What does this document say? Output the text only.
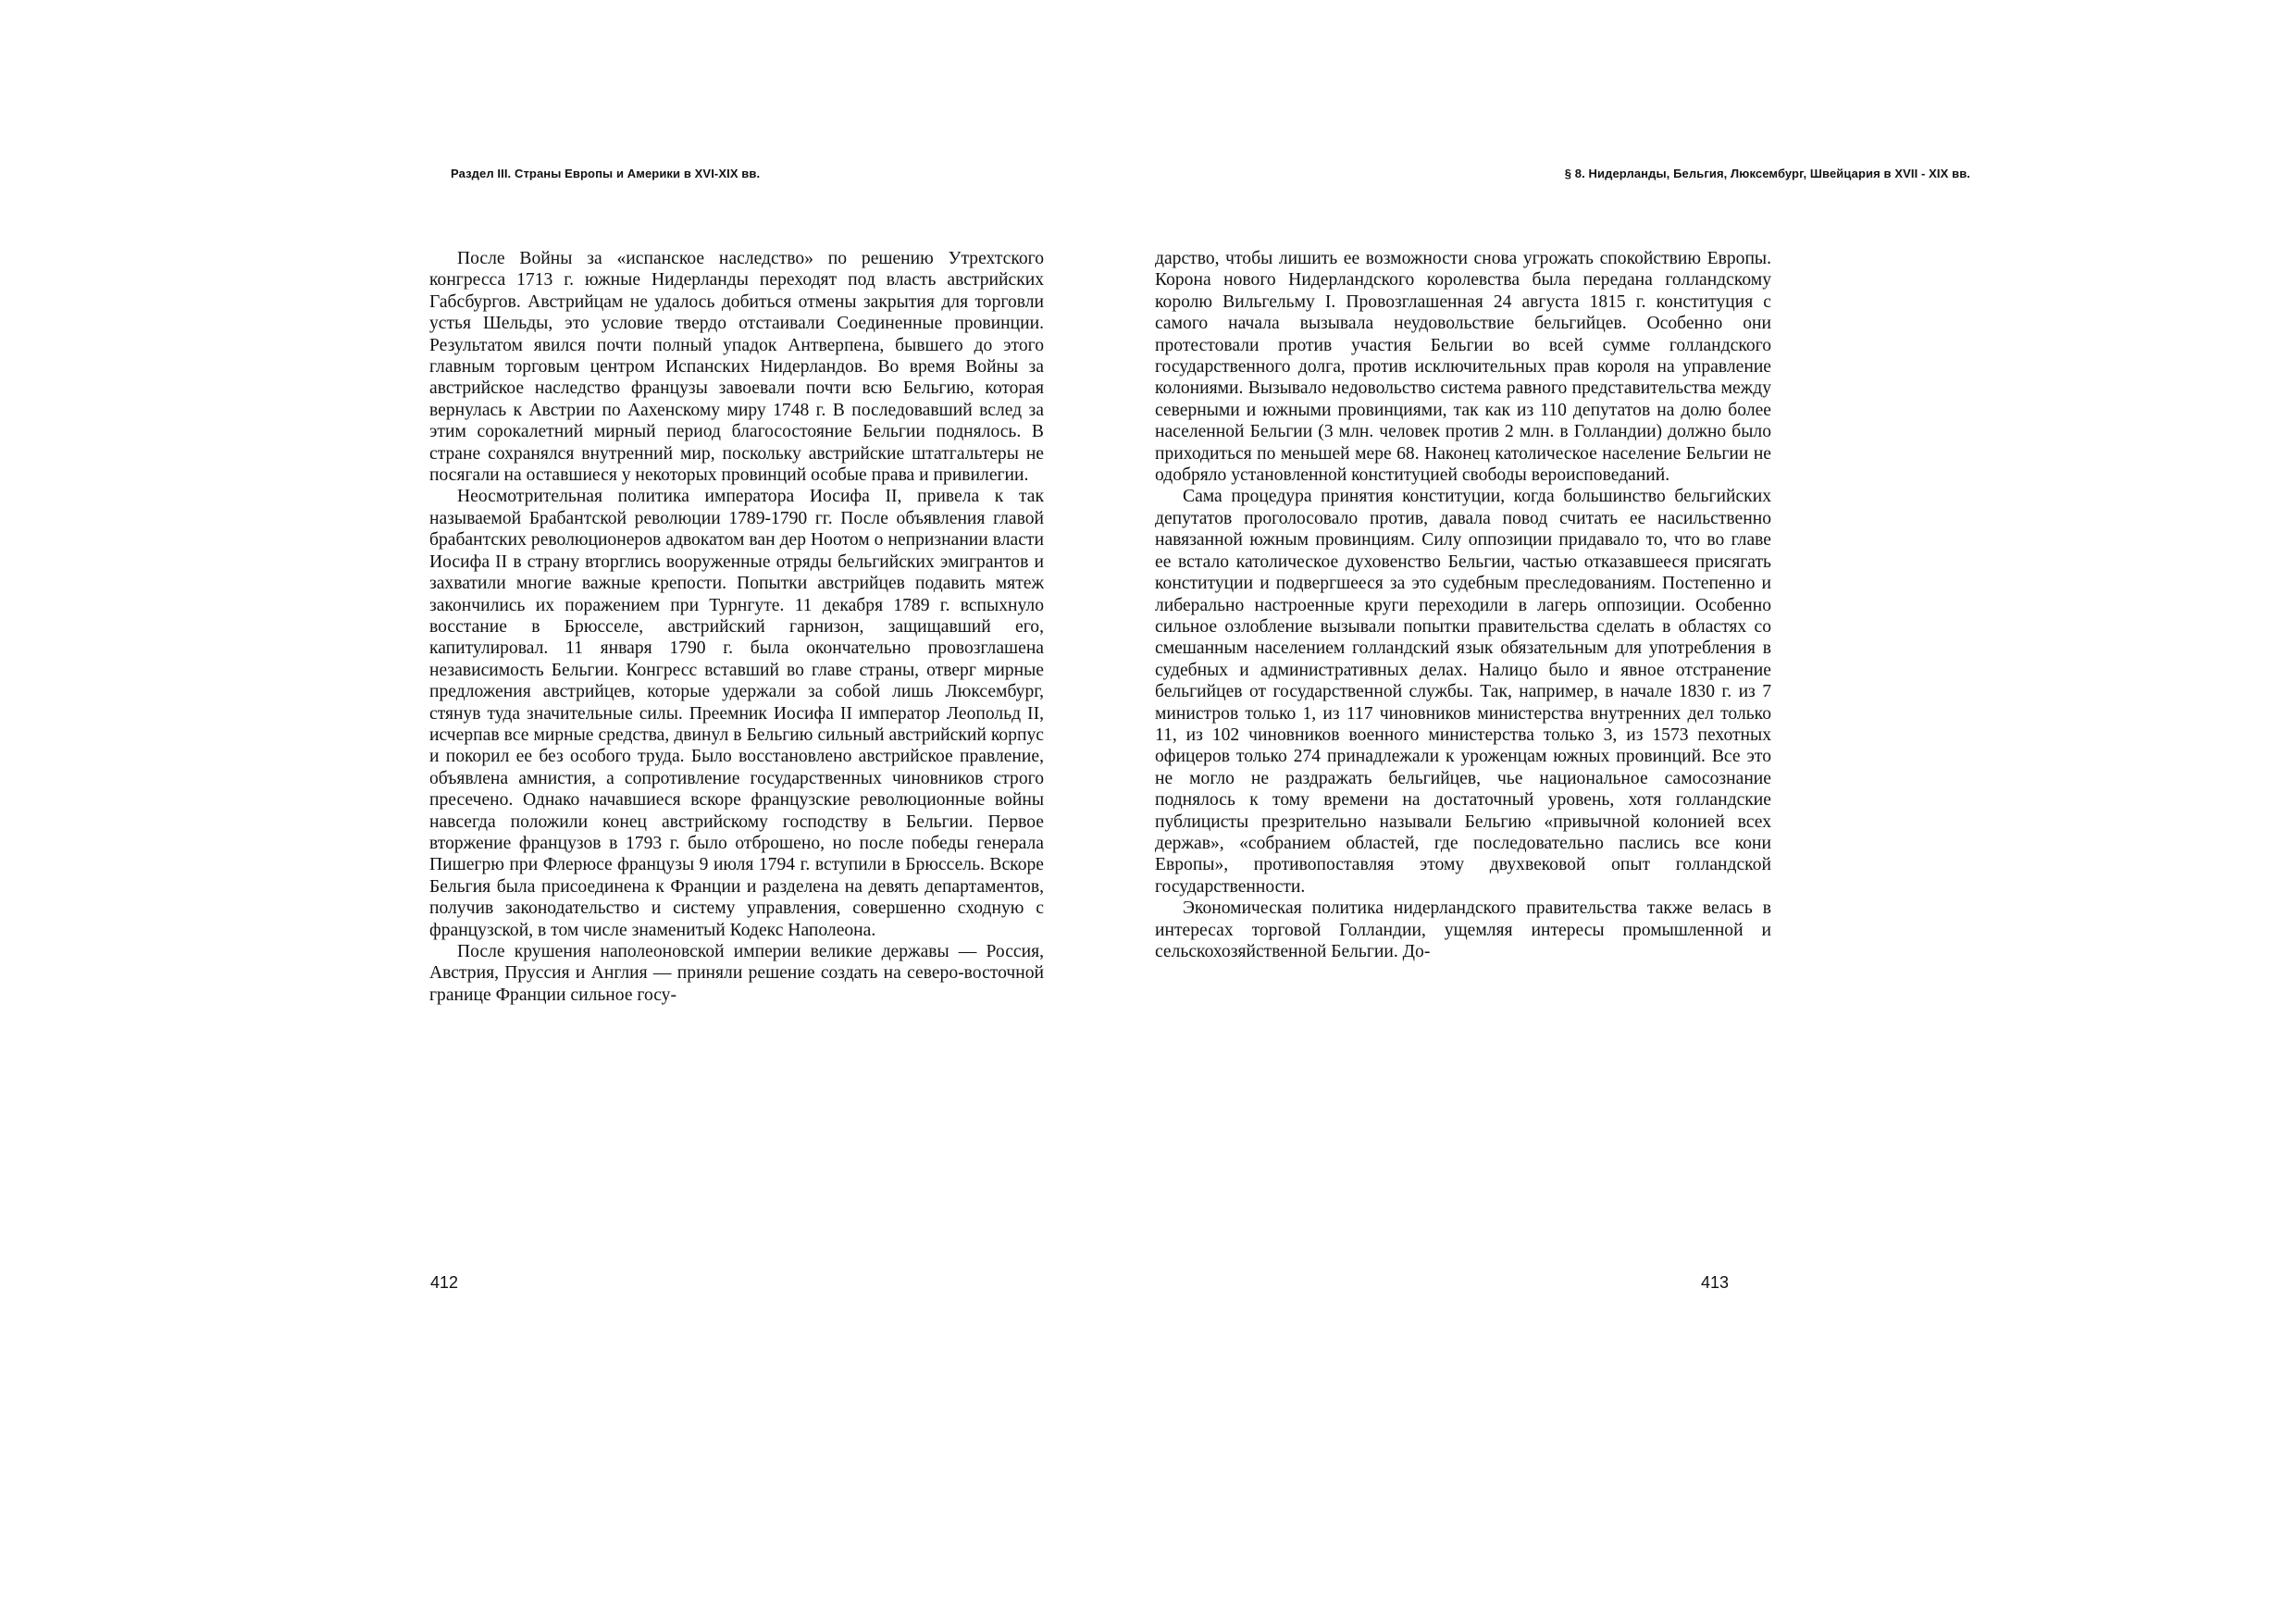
Раздел III. Страны Европы и Америки в XVI-XIX вв.

После Войны за «испанское наследство» по решению Утрехтского конгресса 1713 г. южные Нидерланды переходят под власть австрийских Габсбургов. Австрийцам не удалось добиться отмены закрытия для торговли устья Шельды, это условие твердо отстаивали Соединенные провинции. Результатом явился почти полный упадок Антверпена, бывшего до этого главным торговым центром Испанских Нидерландов. Во время Войны за австрийское наследство французы завоевали почти всю Бельгию, которая вернулась к Австрии по Аахенскому миру 1748 г. В последовавший вслед за этим сорокалетний мирный период благосостояние Бельгии поднялось. В стране сохранялся внутренний мир, поскольку австрийские штатгальтеры не посягали на оставшиеся у некоторых провинций особые права и привилегии.

Неосмотрительная политика императора Иосифа II, привела к так называемой Брабантской революции 1789-1790 гг. После объявления главой брабантских революционеров адвокатом ван дер Ноотом о непризнании власти Иосифа II в страну вторглись вооруженные отряды бельгийских эмигрантов и захватили многие важные крепости. Попытки австрийцев подавить мятеж закончились их поражением при Турнгуте. 11 декабря 1789 г. вспыхнуло восстание в Брюсселе, австрийский гарнизон, защищавший его, капитулировал. 11 января 1790 г. была окончательно провозглашена независимость Бельгии. Конгресс вставший во главе страны, отверг мирные предложения австрийцев, которые удержали за собой лишь Люксембург, стянув туда значительные силы. Преемник Иосифа II император Леопольд II, исчерпав все мирные средства, двинул в Бельгию сильный австрийский корпус и покорил ее без особого труда. Было восстановлено австрийское правление, объявлена амнистия, а сопротивление государственных чиновников строго пресечено. Однако начавшиеся вскоре французские революционные войны навсегда положили конец австрийскому господству в Бельгии. Первое вторжение французов в 1793 г. было отброшено, но после победы генерала Пишегрю при Флерюсе французы 9 июля 1794 г. вступили в Брюссель. Вскоре Бельгия была присоединена к Франции и разделена на девять департаментов, получив законодательство и систему управления, совершенно сходную с французской, в том числе знаменитый Кодекс Наполеона.

После крушения наполеоновской империи великие державы — Россия, Австрия, Пруссия и Англия — приняли решение создать на северо-восточной границе Франции сильное госу-

412
§ 8. Нидерланды, Бельгия, Люксембург, Швейцария в XVII - XIX вв.

дарство, чтобы лишить ее возможности снова угрожать спокойствию Европы. Корона нового Нидерландского королевства была передана голландскому королю Вильгельму I. Провозглашенная 24 августа 1815 г. конституция с самого начала вызывала неудовольствие бельгийцев. Особенно они протестовали против участия Бельгии во всей сумме голландского государственного долга, против исключительных прав короля на управление колониями. Вызывало недовольство система равного представительства между северными и южными провинциями, так как из 110 депутатов на долю более населенной Бельгии (3 млн. человек против 2 млн. в Голландии) должно было приходиться по меньшей мере 68. Наконец католическое население Бельгии не одобряло установленной конституцией свободы вероисповеданий.

Сама процедура принятия конституции, когда большинство бельгийских депутатов проголосовало против, давала повод считать ее насильственно навязанной южным провинциям. Силу оппозиции придавало то, что во главе ее встало католическое духовенство Бельгии, частью отказавшееся присягать конституции и подвергшееся за это судебным преследованиям. Постепенно и либерально настроенные круги переходили в лагерь оппозиции. Особенно сильное озлобление вызывали попытки правительства сделать в областях со смешанным населением голландский язык обязательным для употребления в судебных и административных делах. Налицо было и явное отстранение бельгийцев от государственной службы. Так, например, в начале 1830 г. из 7 министров только 1, из 117 чиновников министерства внутренних дел только 11, из 102 чиновников военного министерства только 3, из 1573 пехотных офицеров только 274 принадлежали к уроженцам южных провинций. Все это не могло не раздражать бельгийцев, чье национальное самосознание поднялось к тому времени на достаточный уровень, хотя голландские публицисты презрительно называли Бельгию «привычной колонией всех держав», «собранием областей, где последовательно паслись все кони Европы», противопоставляя этому двухвековой опыт голландской государственности.

Экономическая политика нидерландского правительства также велась в интересах торговой Голландии, ущемляя интересы промышленной и сельскохозяйственной Бельгии. До-

413
